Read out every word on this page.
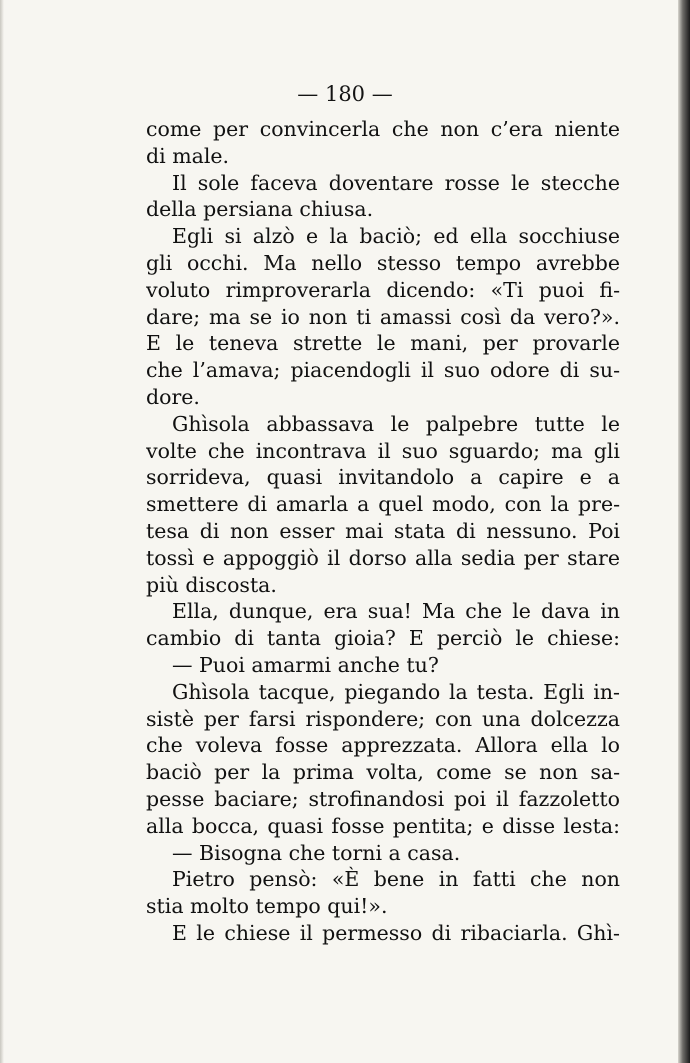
— 180 —
come per convincerla che non c’era niente
di male.
Il sole faceva doventare rosse le stecche
della persiana chiusa.
Egli si alzò e la baciò; ed ella socchiuse
gli occhi. Ma nello stesso tempo avrebbe
voluto rimproverarla dicendo: «Ti puoi fi-
dare; ma se io non ti amassi così da vero?».
E le teneva strette le mani, per provarle
che l’amava; piacendogli il suo odore di su-
dore.
Ghìsola abbassava le palpebre tutte le
volte che incontrava il suo sguardo; ma gli
sorrideva, quasi invitandolo a capire e a
smettere di amarla a quel modo, con la pre-
tesa di non esser mai stata di nessuno. Poi
tossì e appoggiò il dorso alla sedia per stare
più discosta.
Ella, dunque, era sua! Ma che le dava in
cambio di tanta gioia? E perciò le chiese:
— Puoi amarmi anche tu?
Ghìsola tacque, piegando la testa. Egli in-
sistè per farsi rispondere; con una dolcezza
che voleva fosse apprezzata. Allora ella lo
baciò per la prima volta, come se non sa-
pesse baciare; strofinandosi poi il fazzoletto
alla bocca, quasi fosse pentita; e disse lesta:
— Bisogna che torni a casa.
Pietro pensò: «È bene in fatti che non
stia molto tempo qui!».
E le chiese il permesso di ribaciarla. Ghì-
